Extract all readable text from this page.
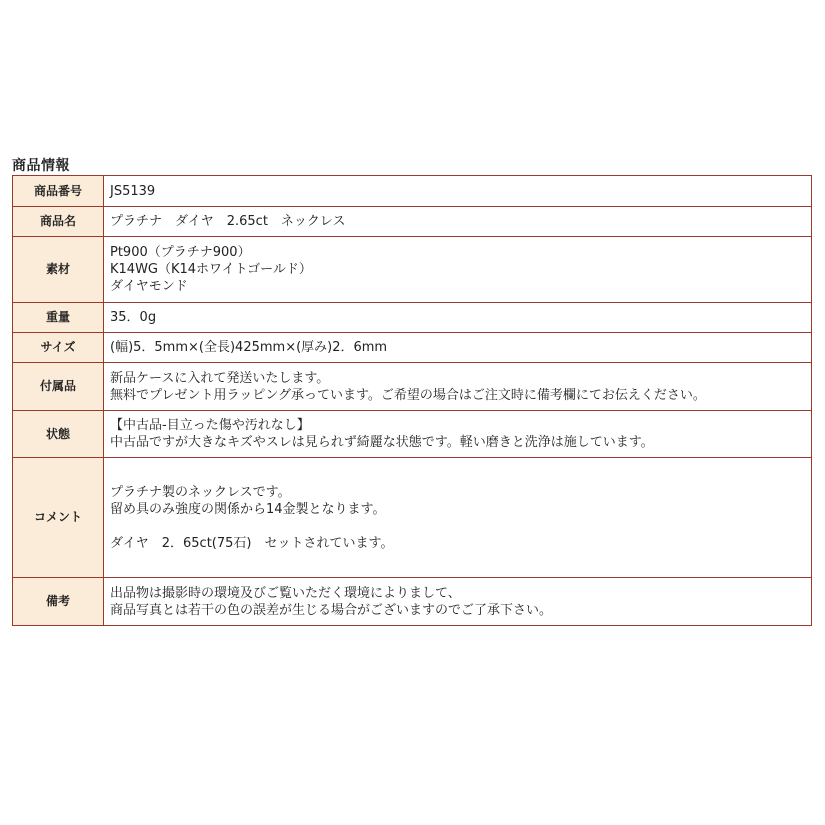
商品情報
商品番号	JS5139
商品名	プラチナ　ダイヤ　2.65ct　ネックレス
素材	Pt900（プラチナ900）
K14WG（K14ホワイトゴールド）
ダイヤモンド

重量	35．0g
サイズ	(幅)5．5mm×(全長)425mm×(厚み)2．6mm
付属品	新品ケースに入れて発送いたします。
無料でプレゼント用ラッピング承っています。ご希望の場合はご注文時に備考欄にてお伝えください。

状態	【中古品-目立った傷や汚れなし】
中古品ですが大きなキズやスレは見られず綺麗な状態です。軽い磨きと洗浄は施しています。

コメント	プラチナ製のネックレスです。
留め具のみ強度の関係から14金製となります。
ダイヤ　2．65ct(75石)　セットされています。

備考	出品物は撮影時の環境及びご覧いただく環境によりまして、
商品写真とは若干の色の誤差が生じる場合がございますのでご了承下さい。
